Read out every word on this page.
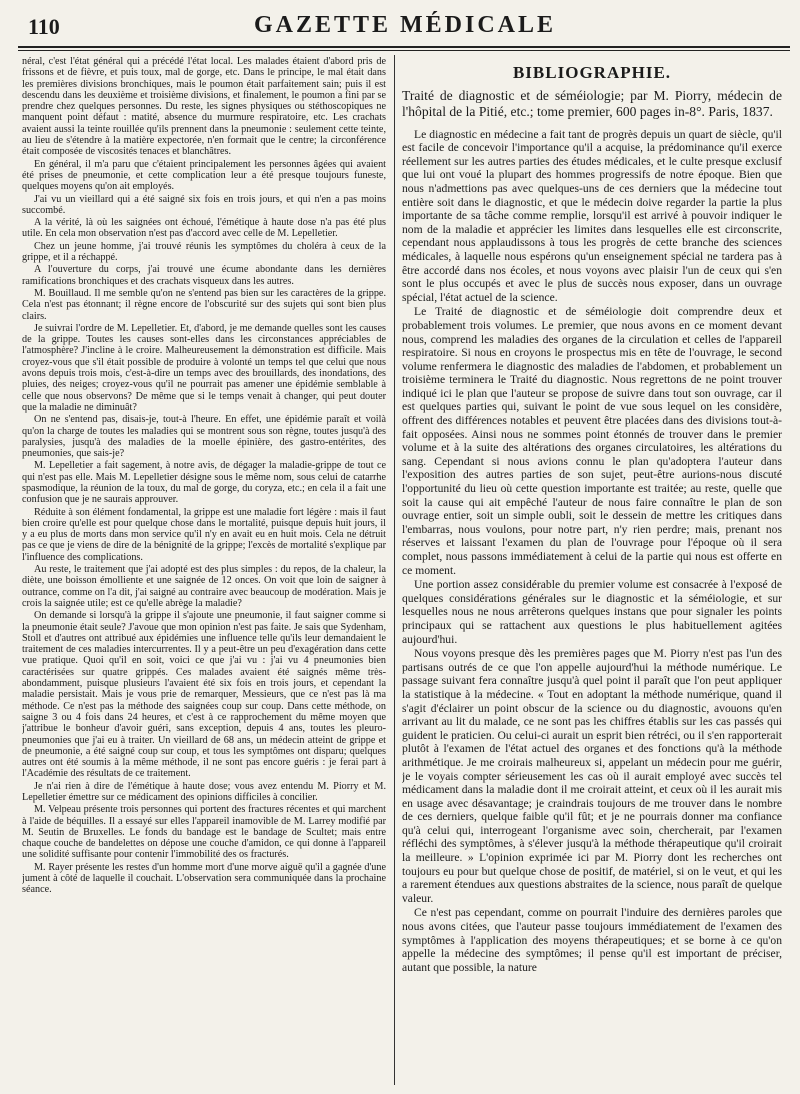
110	GAZETTE MÉDICALE

néral, c'est l'état général qui a précédé l'état local. Les malades étaient d'abord pris de frissons et de fièvre, et puis toux, mal de gorge, etc. Dans le principe, le mal était dans les premières divisions bronchiques, mais le poumon était parfaitement sain; puis il est descendu dans les deuxième et troisième divisions, et finalement, le poumon a fini par se prendre chez quelques personnes. Du reste, les signes physiques ou stéthoscopiques ne manquent point défaut : matité, absence du murmure respiratoire, etc. Les crachats avaient aussi la teinte rouillée qu'ils prennent dans la pneumonie : seulement cette teinte, au lieu de s'étendre à la matière expectorée, n'en formait que le centre; la circonférence était composée de viscosités tenaces et blanchâtres.

En général, il m'a paru que c'étaient principalement les personnes âgées qui avaient été prises de pneumonie, et cette complication leur a été presque toujours funeste, quelques moyens qu'on ait employés.

J'ai vu un vieillard qui a été saigné six fois en trois jours, et qui n'en a pas moins succombé.

A la vérité, là où les saignées ont échoué, l'émétique à haute dose n'a pas été plus utile. En cela mon observation n'est pas d'accord avec celle de M. Lepelletier.

Chez un jeune homme, j'ai trouvé réunis les symptômes du choléra à ceux de la grippe, et il a réchappé.

A l'ouverture du corps, j'ai trouvé une écume abondante dans les dernières ramifications bronchiques et des crachats visqueux dans les autres.

M. Bouillaud. Il me semble qu'on ne s'entend pas bien sur les caractères de la grippe. Cela n'est pas étonnant; il règne encore de l'obscurité sur des sujets qui sont bien plus clairs.

Je suivrai l'ordre de M. Lepelletier. Et, d'abord, je me demande quelles sont les causes de la grippe. Toutes les causes sont-elles dans les circonstances appréciables de l'atmosphère? J'incline à le croire. Malheureusement la démonstration est difficile. Mais croyez-vous que s'il était possible de produire à volonté un temps tel que celui que nous avons depuis trois mois, c'est-à-dire un temps avec des brouillards, des inondations, des pluies, des neiges; croyez-vous qu'il ne pourrait pas amener une épidémie semblable à celle que nous observons? De même que si le temps venait à changer, qui peut douter que la maladie ne diminuât?

On ne s'entend pas, disais-je, tout-à l'heure. En effet, une épidémie paraît et voilà qu'on la charge de toutes les maladies qui se montrent sous son règne, toutes jusqu'à des paralysies, jusqu'à des maladies de la moelle épinière, des gastro-entérites, des pneumonies, que sais-je?

M. Lepelletier a fait sagement, à notre avis, de dégager la maladie-grippe de tout ce qui n'est pas elle. Mais M. Lepelletier désigne sous le même nom, sous celui de catarrhe spasmodique, la réunion de la toux, du mal de gorge, du coryza, etc.; en cela il a fait une confusion que je ne saurais approuver.

Réduite à son élément fondamental, la grippe est une maladie fort légère : mais il faut bien croire qu'elle est pour quelque chose dans le mortalité, puisque depuis huit jours, il y a eu plus de morts dans mon service qu'il n'y en avait eu en huit mois. Cela ne détruit pas ce que je viens de dire de la bénignité de la grippe; l'excès de mortalité s'explique par l'influence des complications.

Au reste, le traitement que j'ai adopté est des plus simples : du repos, de la chaleur, la diète, une boisson émolliente et une saignée de 12 onces. On voit que loin de saigner à outrance, comme on l'a dit, j'ai saigné au contraire avec beaucoup de modération. Mais je crois la saignée utile; est ce qu'elle abrège la maladie?

On demande si lorsqu'à la grippe il s'ajoute une pneumonie, il faut saigner comme si la pneumonie était seule? J'avoue que mon opinion n'est pas faite. Je sais que Sydenham, Stoll et d'autres ont attribué aux épidémies une influence telle qu'ils leur demandaient le traitement de ces maladies intercurrentes. Il y a peut-être un peu d'exagération dans cette vue pratique. Quoi qu'il en soit, voici ce que j'ai vu : j'ai vu 4 pneumonies bien caractérisées sur quatre grippés. Ces malades avaient été saignés même très-abondamment, puisque plusieurs l'avaient été six fois en trois jours, et cependant la maladie persistait. Mais je vous prie de remarquer, Messieurs, que ce n'est pas là ma méthode. Ce n'est pas la méthode des saignées coup sur coup. Dans cette méthode, on saigne 3 ou 4 fois dans 24 heures, et c'est à ce rapprochement du même moyen que j'attribue le bonheur d'avoir guéri, sans exception, depuis 4 ans, toutes les pleuro-pneumonies que j'ai eu à traiter. Un vieillard de 68 ans, un médecin atteint de grippe et de pneumonie, a été saigné coup sur coup, et tous les symptômes ont disparu; quelques autres ont été soumis à la même méthode, il ne sont pas encore guéris : je ferai part à l'Académie des résultats de ce traitement.

Je n'ai rien à dire de l'émétique à haute dose; vous avez entendu M. Piorry et M. Lepelletier émettre sur ce médicament des opinions difficiles à concilier.

M. Velpeau présente trois personnes qui portent des fractures récentes et qui marchent à l'aide de béquilles. Il a essayé sur elles l'appareil inamovible de M. Larrey modifié par M. Seutin de Bruxelles. Le fonds du bandage est le bandage de Scultet; mais entre chaque couche de bandelettes on dépose une couche d'amidon, ce qui donne à l'appareil une solidité suffisante pour contenir l'immobilité des os fracturés.

M. Rayer présente les restes d'un homme mort d'une morve aiguë qu'il a gagnée d'une jument à côté de laquelle il couchait. L'observation sera communiquée dans la prochaine séance.

BIBLIOGRAPHIE.

Traité de diagnostic et de séméiologie; par M. Piorry, médecin de l'hôpital de la Pitié, etc.; tome premier, 600 pages in-8°. Paris, 1837.

Le diagnostic en médecine a fait tant de progrès depuis un quart de siècle, qu'il est facile de concevoir l'importance qu'il a acquise, la prédominance qu'il exerce réellement sur les autres parties des études médicales, et le culte presque exclusif que lui ont voué la plupart des hommes progressifs de notre époque. Bien que nous n'admettions pas avec quelques-uns de ces derniers que la médecine tout entière soit dans le diagnostic, et que le médecin doive regarder la partie la plus importante de sa tâche comme remplie, lorsqu'il est arrivé à pouvoir indiquer le nom de la maladie et apprécier les limites dans lesquelles elle est circonscrite, cependant nous applaudissons à tous les progrès de cette branche des sciences médicales, à laquelle nous espérons qu'un enseignement spécial ne tardera pas à être accordé dans nos écoles, et nous voyons avec plaisir l'un de ceux qui s'en sont le plus occupés et avec le plus de succès nous exposer, dans un ouvrage spécial, l'état actuel de la science.

Le Traité de diagnostic et de séméiologie doit comprendre deux et probablement trois volumes. Le premier, que nous avons en ce moment devant nous, comprend les maladies des organes de la circulation et celles de l'appareil respiratoire. Si nous en croyons le prospectus mis en tête de l'ouvrage, le second volume renfermera le diagnostic des maladies de l'abdomen, et probablement un troisième terminera le Traité du diagnostic. Nous regrettons de ne point trouver indiqué ici le plan que l'auteur se propose de suivre dans tout son ouvrage, car il est quelques parties qui, suivant le point de vue sous lequel on les considère, offrent des différences notables et peuvent être placées dans des divisions tout-à-fait opposées. Ainsi nous ne sommes point étonnés de trouver dans le premier volume et à la suite des altérations des organes circulatoires, les altérations du sang. Cependant si nous avions connu le plan qu'adoptera l'auteur dans l'exposition des autres parties de son sujet, peut-être aurions-nous discuté l'opportunité du lieu où cette question importante est traitée; au reste, quelle que soit la cause qui ait empêché l'auteur de nous faire connaître le plan de son ouvrage entier, soit un simple oubli, soit le dessein de mettre les critiques dans l'embarras, nous voulons, pour notre part, n'y rien perdre; mais, prenant nos réserves et laissant l'examen du plan de l'ouvrage pour l'époque où il sera complet, nous passons immédiatement à celui de la partie qui nous est offerte en ce moment.

Une portion assez considérable du premier volume est consacrée à l'exposé de quelques considérations générales sur le diagnostic et la séméiologie, et sur lesquelles nous ne nous arrêterons quelques instans que pour signaler les points principaux qui se rattachent aux questions le plus habituellement agitées aujourd'hui.

Nous voyons presque dès les premières pages que M. Piorry n'est pas l'un des partisans outrés de ce que l'on appelle aujourd'hui la méthode numérique. Le passage suivant fera connaître jusqu'à quel point il paraît que l'on peut appliquer la statistique à la médecine. « Tout en adoptant la méthode numérique, quand il s'agit d'éclairer un point obscur de la science ou du diagnostic, avouons qu'en arrivant au lit du malade, ce ne sont pas les chiffres établis sur les cas passés qui guident le praticien. Ou celui-ci aurait un esprit bien rétréci, ou il s'en rapporterait plutôt à l'examen de l'état actuel des organes et des fonctions qu'à la méthode arithmétique. Je me croirais malheureux si, appelant un médecin pour me guérir, je le voyais compter sérieusement les cas où il aurait employé avec succès tel médicament dans la maladie dont il me croirait atteint, et ceux où il les aurait mis en usage avec désavantage; je craindrais toujours de me trouver dans le nombre de ces derniers, quelque faible qu'il fût; et je ne pourrais donner ma confiance qu'à celui qui, interrogeant l'organisme avec soin, chercherait, par l'examen réfléchi des symptômes, à s'élever jusqu'à la méthode thérapeutique qu'il croirait la meilleure. » L'opinion exprimée ici par M. Piorry dont les recherches ont toujours eu pour but quelque chose de positif, de matériel, si on le veut, et qui les a rarement étendues aux questions abstraites de la science, nous paraît de quelque valeur.

Ce n'est pas cependant, comme on pourrait l'induire des dernières paroles que nous avons citées, que l'auteur passe toujours immédiatement de l'examen des symptômes à l'application des moyens thérapeutiques; et se borne à ce qu'on appelle la médecine des symptômes; il pense qu'il est important de préciser, autant que possible, la nature
